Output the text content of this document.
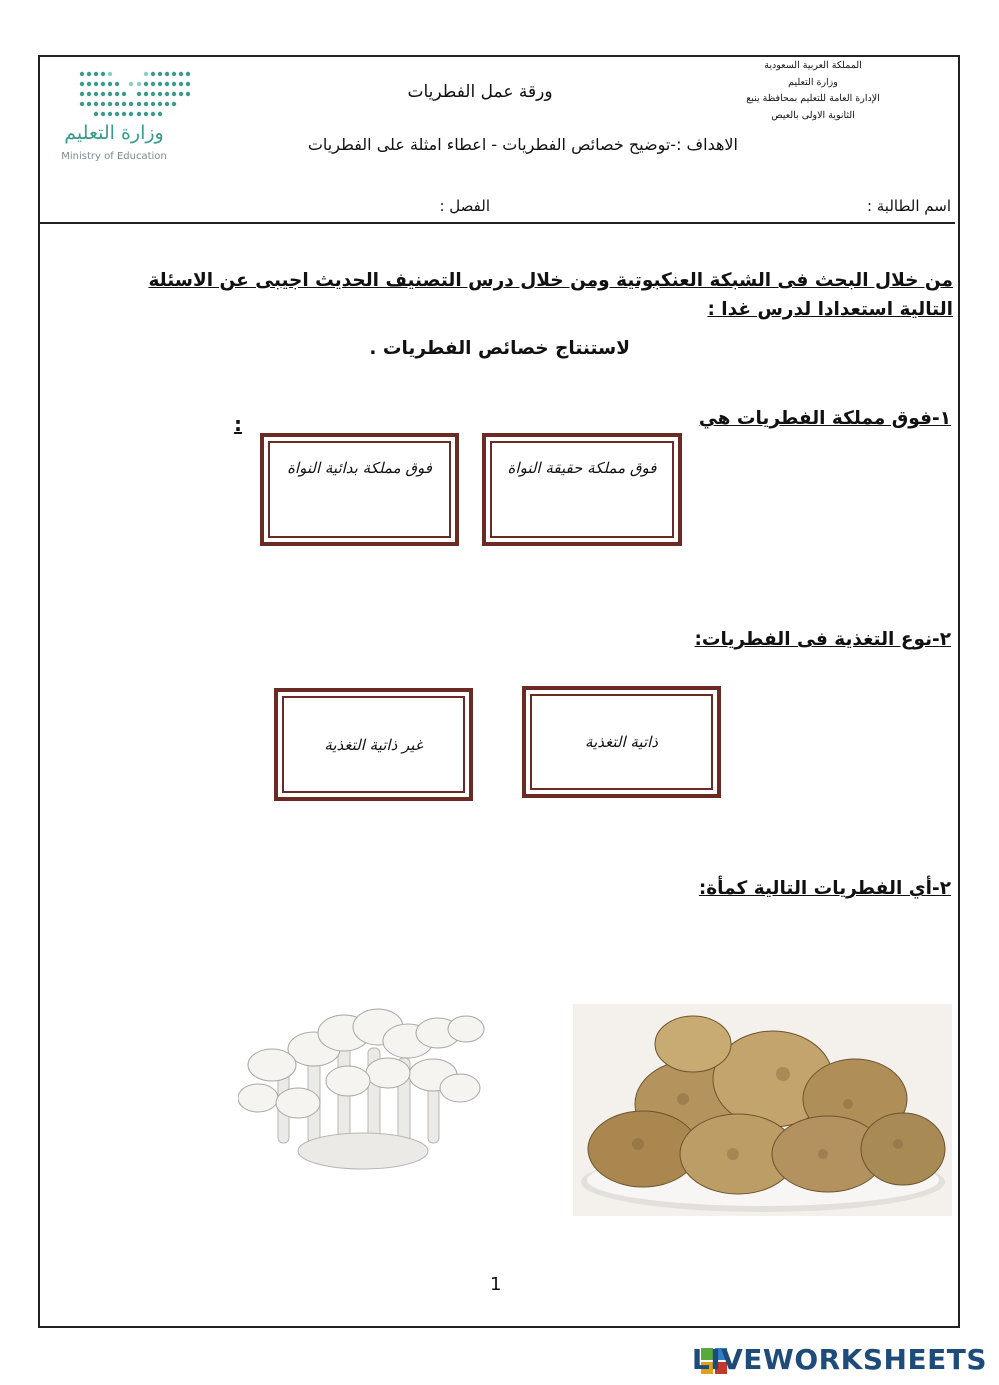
المملكة العربية السعودية
وزارة التعليم
الإدارة العامة للتعليم بمحافظة ينبع
الثانوية الاولى بالعيص
وزارة التعليم
Ministry of Education
ورقة عمل الفطريات
الاهداف :-توضيح خصائص الفطريات - اعطاء امثلة على الفطريات
اسم الطالبة :
الفصل :
من خلال البحث فى الشبكة العنكبوتية ومن خلال درس التصنيف الحديث اجيبى عن الاسئلة التالية استعدادا لدرس غدا :
لاستنتاج خصائص الفطريات .
١-فوق مملكة الفطريات هي
:
فوق مملكة حقيقة النواة
فوق مملكة بدائية النواة
٢-نوع التغذية فى الفطريات:
ذاتية التغذية
غير ذاتية التغذية
٢-أي الفطريات التالية كمأة:
1
LIVEWORKSHEETS
